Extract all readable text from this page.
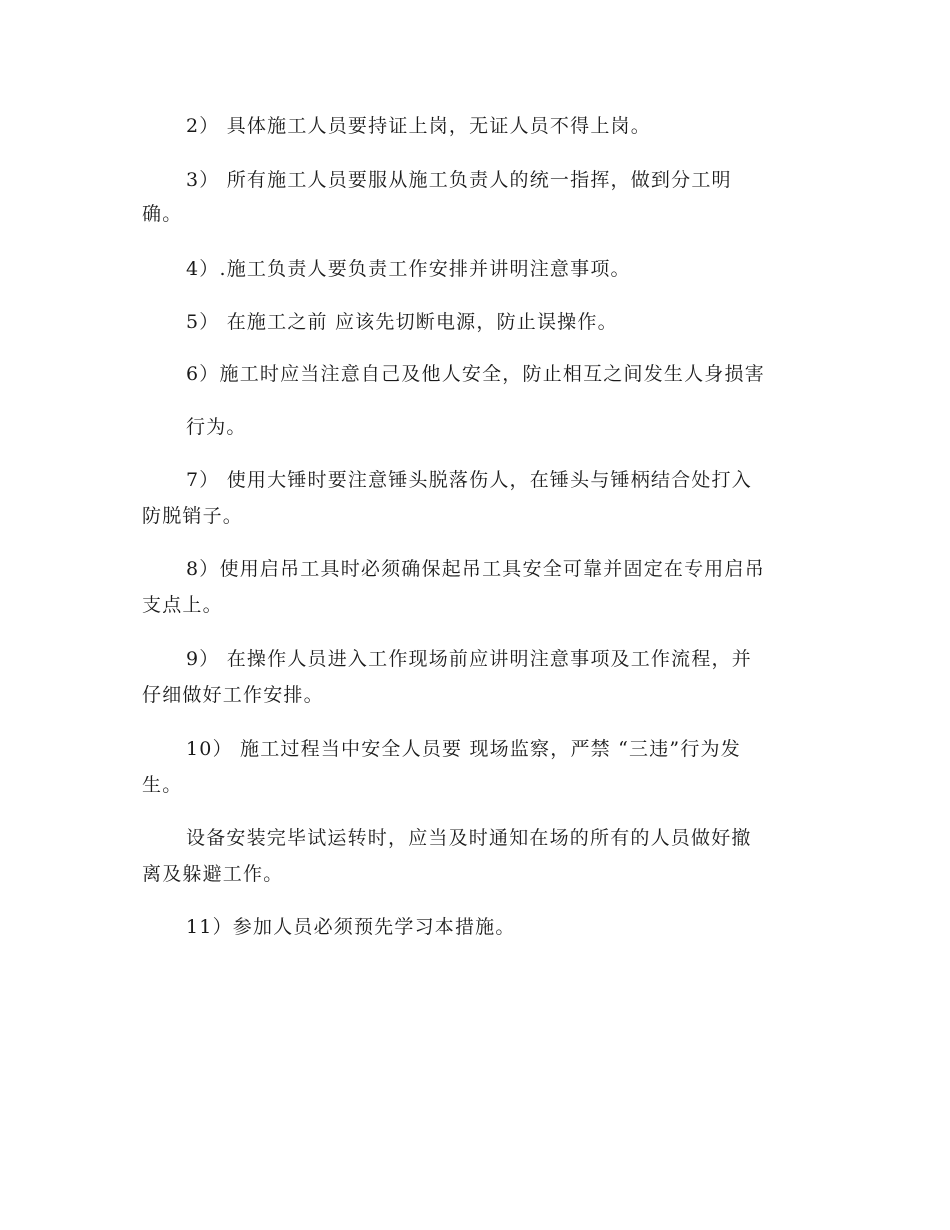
2） 具体施工人员要持证上岗，无证人员不得上岗。

3） 所有施工人员要服从施工负责人的统一指挥，做到分工明

确。

4）.施工负责人要负责工作安排并讲明注意事项。

5） 在施工之前 应该先切断电源，防止误操作。

6）施工时应当注意自己及他人安全，防止相互之间发生人身损害

行为。

7） 使用大锤时要注意锤头脱落伤人，在锤头与锤柄结合处打入

防脱销子。

8）使用启吊工具时必须确保起吊工具安全可靠并固定在专用启吊

支点上。

9） 在操作人员进入工作现场前应讲明注意事项及工作流程，并

仔细做好工作安排。

10） 施工过程当中安全人员要 现场监察，严禁 “三违”行为发

生。

设备安装完毕试运转时，应当及时通知在场的所有的人员做好撤

离及躲避工作。

11）参加人员必须预先学习本措施。
